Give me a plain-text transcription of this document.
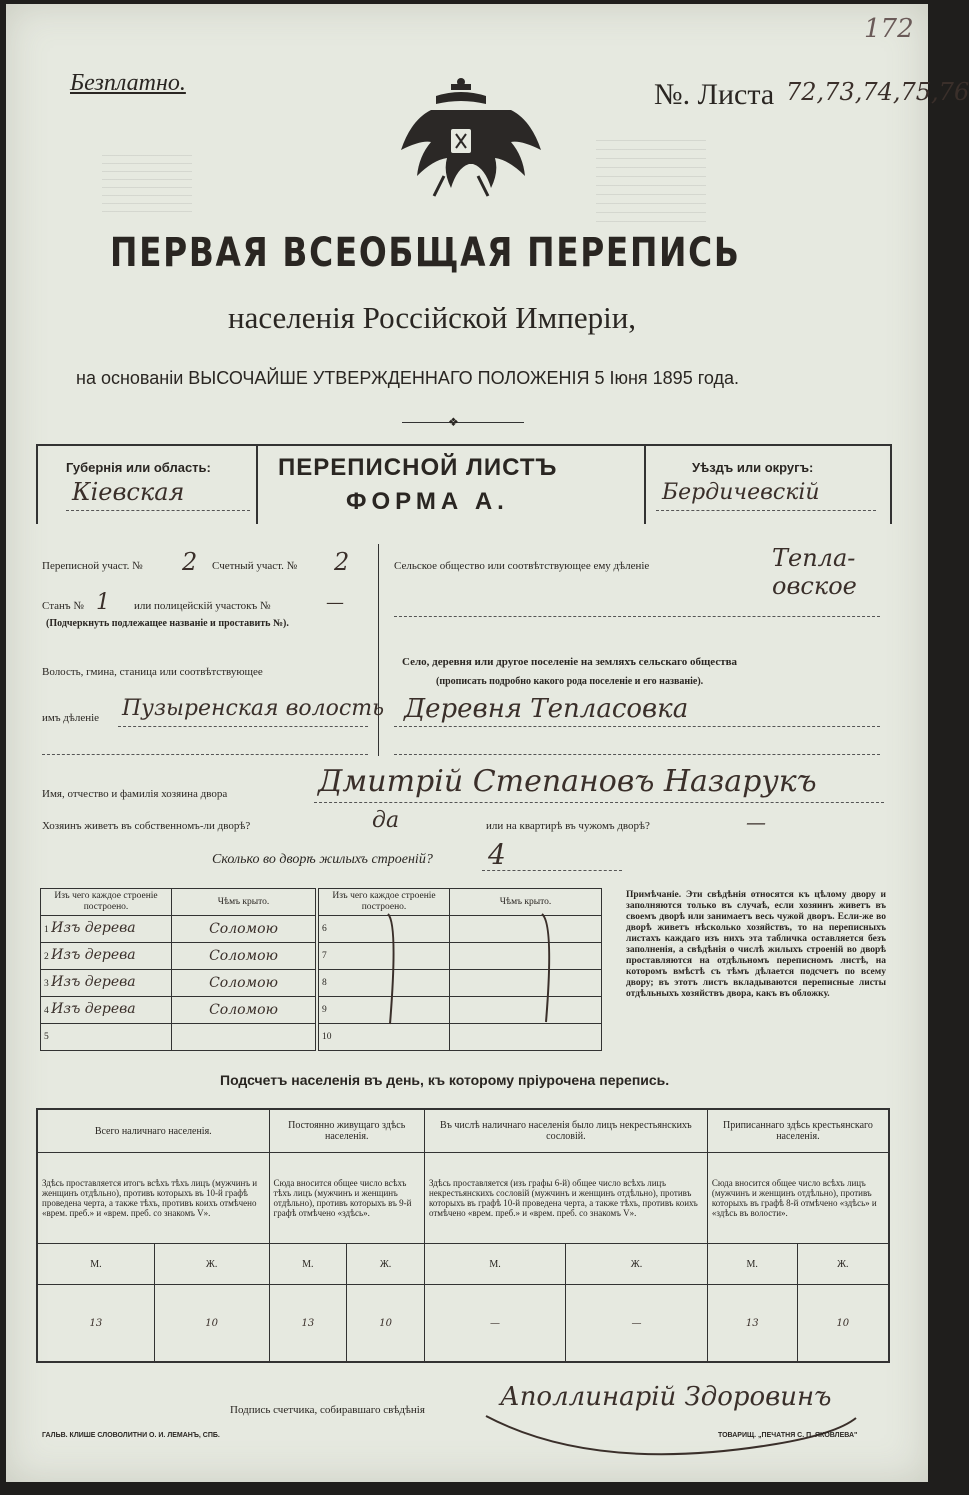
172
Безплатно.	№. Листа 72,73,74,75,76
ПЕРВАЯ ВСЕОБЩАЯ ПЕРЕПИСЬ
населенія Россійской Имперіи,
на основаніи ВЫСОЧАЙШЕ УТВЕРЖДЕННАГО ПОЛОЖЕНІЯ 5 Іюня 1895 года.
❖
Губернія или область:
Кіевская
ПЕРЕПИСНОЙ ЛИСТЪ
ФОРМА А.
Уѣздъ или округъ:
Бердичевскій
Переписной участ. № 2 Счетный участ. № 2
Станъ № 1 или полицейскій участокъ №	—
(Подчеркнуть подлежащее названіе и проставить №).
Волость, гмина, станица или соотвѣтствующее
имъ дѣленіе Пузыренская волость
Сельское общество или соотвѣтствующее ему дѣленіе	Тепла-овское
Село, деревня или другое поселеніе на земляхъ сельскаго общества
(прописать подробно какого рода поселеніе и его названіе).
Деревня Тепласовка
Имя, отчество и фамилія хозяина двора	Дмитрій Степановъ Назарукъ
Хозяинъ живетъ въ собственномъ-ли дворѣ?	да	или на квартирѣ въ чужомъ дворѣ?	—
Сколько во дворѣ жилыхъ строеній? 4
Изъ чего каждое строеніе построено.	Чѣмъ крыто.
1 Изъ дерева	Соломою
2 Изъ дерева	Соломою
3 Изъ дерева	Соломою
4 Изъ дерева	Соломою
5	
Изъ чего каждое строеніе построено.	Чѣмъ крыто.
6	
7	
8	
9	
10	
Примѣчаніе. Эти свѣдѣнія относятся къ цѣлому двору и заполняются только въ случаѣ, если хозяинъ живетъ въ своемъ дворѣ или занимаетъ весь чужой дворъ. Если-же во дворѣ живетъ нѣсколько хозяйствъ, то на переписныхъ листахъ каждаго изъ нихъ эта табличка оставляется безъ заполненія, а свѣдѣнія о числѣ жилыхъ строеній во дворѣ проставляются на отдѣльномъ переписномъ листѣ, на которомъ вмѣстѣ съ тѣмъ дѣлается подсчетъ по всему двору; въ этотъ листъ вкладываются переписные листы отдѣльныхъ хозяйствъ двора, какъ въ обложку.
Подсчетъ населенія въ день, къ которому пріурочена перепись.
Всего наличнаго населенія.		Постоянно живущаго здѣсь населенія.		Въ числѣ наличнаго населенія было лицъ некрестьянскихъ сословій.		Приписаннаго здѣсь крестьянскаго населенія.	
Здѣсь проставляется итогъ всѣхъ тѣхъ лицъ (мужчинъ и женщинъ отдѣльно), противъ которыхъ въ 10-й графѣ проведена черта, а также тѣхъ, противъ коихъ отмѣчено «врем. преб.» и «врем. преб. со знакомъ V».		Сюда вносится общее число всѣхъ тѣхъ лицъ (мужчинъ и женщинъ отдѣльно), противъ которыхъ въ 9-й графѣ отмѣчено «здѣсь».		Здѣсь проставляется (изъ графы 6-й) общее число всѣхъ лицъ некрестьянскихъ сословій (мужчинъ и женщинъ отдѣльно), противъ которыхъ въ графѣ 10-й проведена черта, а также тѣхъ, противъ коихъ отмѣчено «врем. преб.» и «врем. преб. со знакомъ V».		Сюда вносится общее число всѣхъ лицъ (мужчинъ и женщинъ отдѣльно), противъ которыхъ въ графѣ 8-й отмѣчено «здѣсь» и «здѣсь въ волости».	
М.	Ж.	М.	Ж.	М.	Ж.	М.	Ж.
13	10	13	10	—	—	13	10
Подпись счетчика, собиравшаго свѣдѣнія	Аполлинарій Здоровинъ
ГАЛЬВ. КЛИШЕ СЛОВОЛИТНИ О. И. ЛЕМАНЪ, СПБ.	ТОВАРИЩ. „ПЕЧАТНЯ С. П. ЯКОВЛЕВА"
